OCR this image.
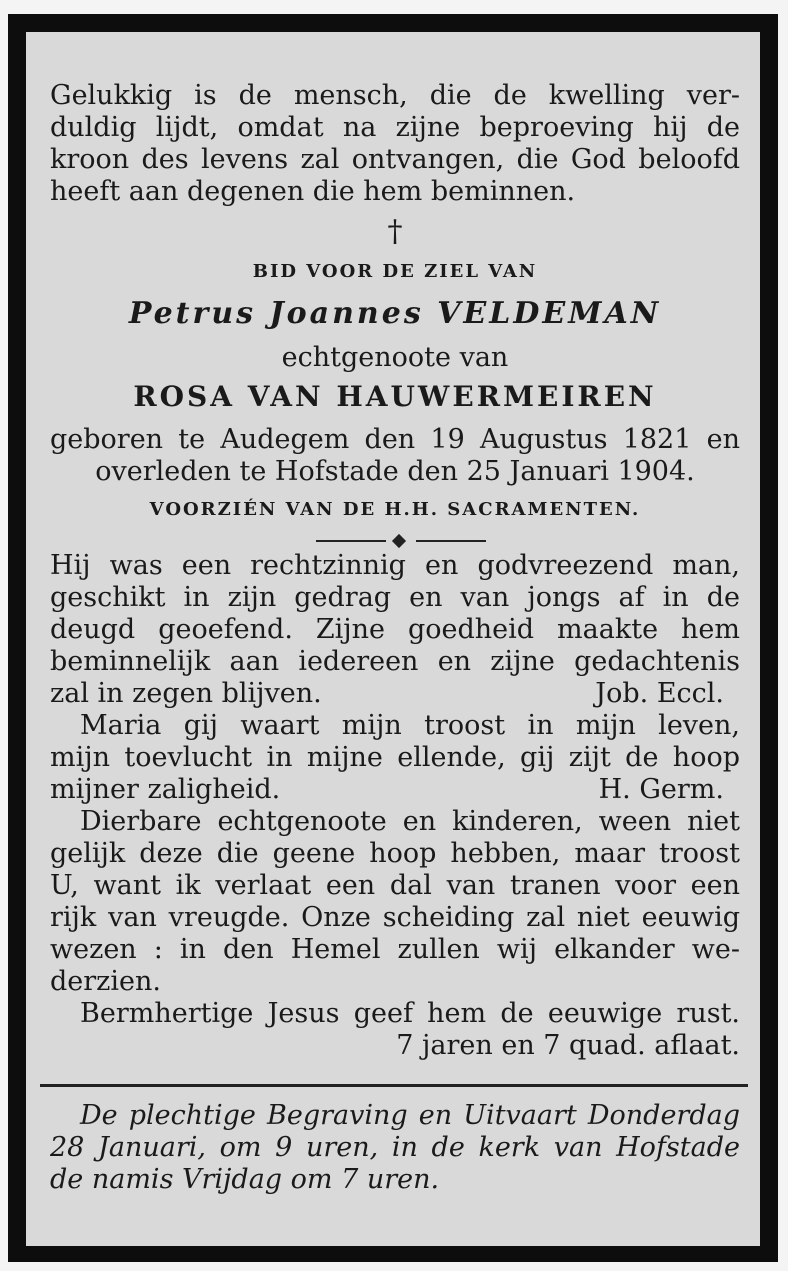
Gelukkig is de mensch, die de kwelling ver-
duldig lijdt, omdat na zijne beproeving hij de
kroon des levens zal ontvangen, die God beloofd
heeft aan degenen die hem beminnen.
†
BID VOOR DE ZIEL VAN
Petrus Joannes VELDEMAN
echtgenoote van
ROSA VAN HAUWERMEIREN
geboren te Audegem den 19 Augustus 1821 en
overleden te Hofstade den 25 Januari 1904.
VOORZIÉN VAN DE H.H. SACRAMENTEN.
Hij was een rechtzinnig en godvreezend man,
geschikt in zijn gedrag en van jongs af in de
deugd geoefend. Zijne goedheid maakte hem
beminnelijk aan iedereen en zijne gedachtenis
zal in zegen blijven.	Job. Eccl.
Maria gij waart mijn troost in mijn leven,
mijn toevlucht in mijne ellende, gij zijt de hoop
mijner zaligheid.	H. Germ.
Dierbare echtgenoote en kinderen, ween niet
gelijk deze die geene hoop hebben, maar troost
U, want ik verlaat een dal van tranen voor een
rijk van vreugde. Onze scheiding zal niet eeuwig
wezen : in den Hemel zullen wij elkander we-
derzien.
Bermhertige Jesus geef hem de eeuwige rust.
7 jaren en 7 quad. aflaat.
De plechtige Begraving en Uitvaart Donderdag
28 Januari, om 9 uren, in de kerk van Hofstade
de namis Vrijdag om 7 uren.
